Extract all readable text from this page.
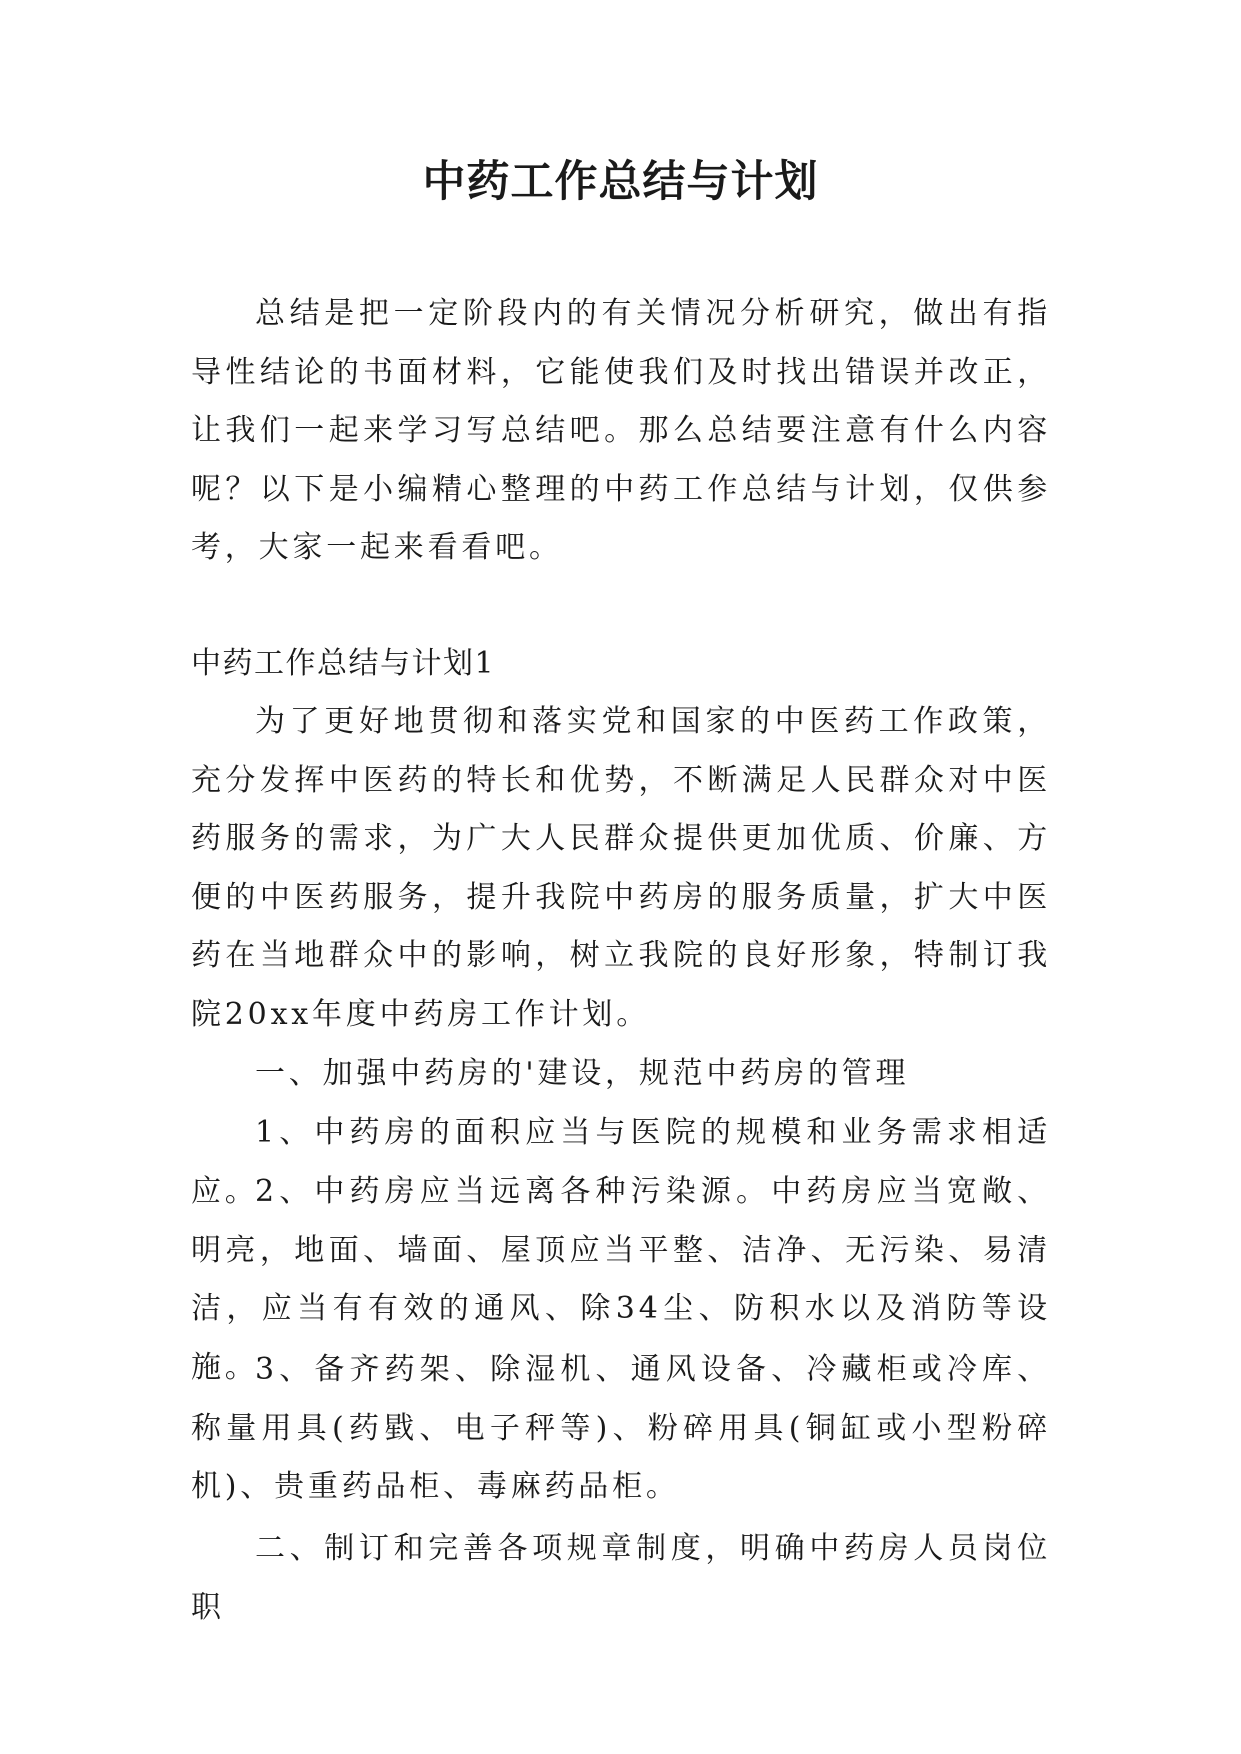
中药工作总结与计划

总结是把一定阶段内的有关情况分析研究，做出有指导性结论的书面材料，它能使我们及时找出错误并改正，让我们一起来学习写总结吧。那么总结要注意有什么内容呢？以下是小编精心整理的中药工作总结与计划，仅供参考，大家一起来看看吧。

中药工作总结与计划1

为了更好地贯彻和落实党和国家的中医药工作政策，充分发挥中医药的特长和优势，不断满足人民群众对中医药服务的需求，为广大人民群众提供更加优质、价廉、方便的中医药服务，提升我院中药房的服务质量，扩大中医药在当地群众中的影响，树立我院的良好形象，特制订我院20xx年度中药房工作计划。

一、加强中药房的'建设，规范中药房的管理

1、中药房的面积应当与医院的规模和业务需求相适应。

2、中药房应当远离各种污染源。中药房应当宽敞、明亮，地面、墙面、屋顶应当平整、洁净、无污染、易清洁，应当有有效的通风、除34尘、防积水以及消防等设施。

3、备齐药架、除湿机、通风设备、冷藏柜或冷库、称量用具(药戥、电子秤等)、粉碎用具(铜缸或小型粉碎机)、贵重药品柜、毒麻药品柜。

二、制订和完善各项规章制度，明确中药房人员岗位职
